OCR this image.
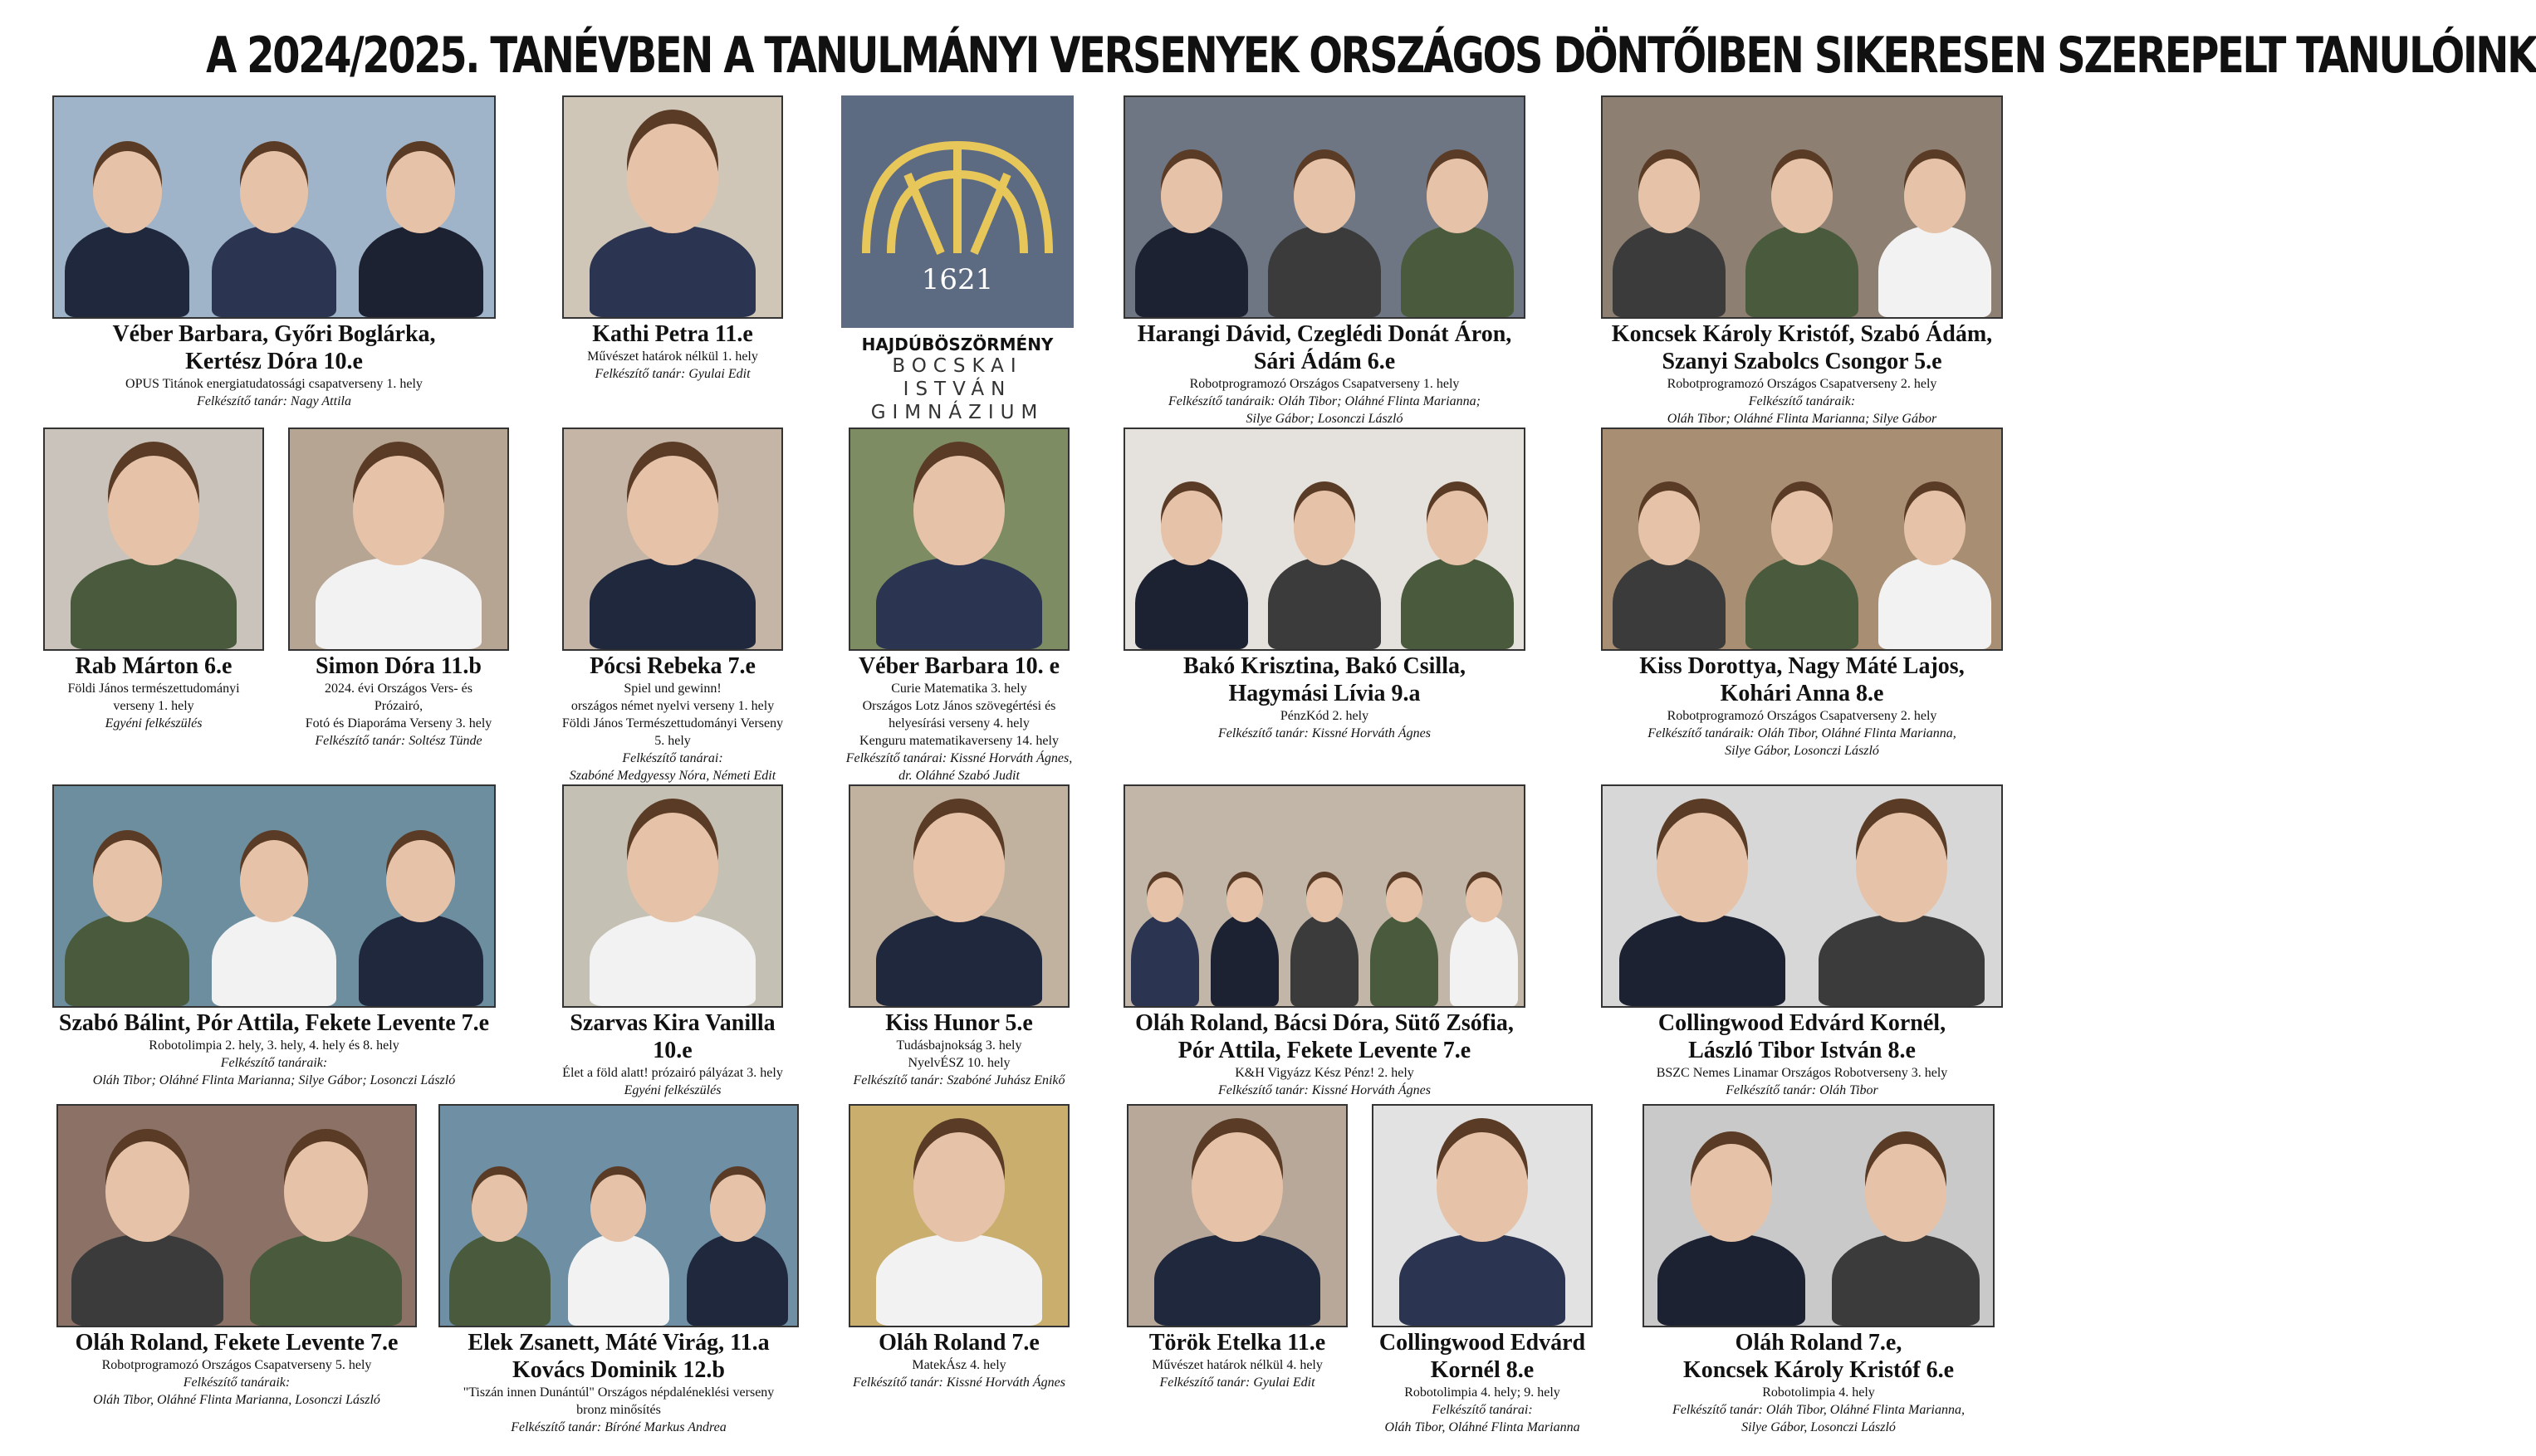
A 2024/2025. TANÉVBEN A TANULMÁNYI VERSENYEK ORSZÁGOS DÖNTŐIBEN SIKERESEN SZEREPELT TANULÓINK
1621
HAJDÚBÖSZÖRMÉNY
BOCSKAI
ISTVÁN
GIMNÁZIUM
Véber Barbara, Győri Boglárka,
Kertész Dóra 10.e
OPUS Titánok energiatudatossági csapatverseny 1. hely
Felkészítő tanár: Nagy Attila
Kathi Petra 11.e
Művészet határok nélkül 1. hely
Felkészítő tanár: Gyulai Edit
Harangi Dávid, Czeglédi Donát Áron,
Sári Ádám 6.e
Robotprogramozó Országos Csapatverseny 1. hely
Felkészítő tanáraik: Oláh Tibor; Oláhné Flinta Marianna;
Silye Gábor; Losonczi László
Koncsek Károly Kristóf, Szabó Ádám,
Szanyi Szabolcs Csongor 5.e
Robotprogramozó Országos Csapatverseny 2. hely
Felkészítő tanáraik:
Oláh Tibor; Oláhné Flinta Marianna; Silye Gábor
Rab Márton 6.e
Földi János természettudományi
verseny 1. hely
Egyéni felkészülés
Simon Dóra 11.b
2024. évi Országos Vers- és
Prózairó,
Fotó és Diaporáma Verseny 3. hely
Felkészítő tanár: Soltész Tünde
Pócsi Rebeka 7.e
Spiel und gewinn!
országos német nyelvi verseny 1. hely
Földi János Természettudományi Verseny
5. hely
Felkészítő tanárai:
Szabóné Medgyessy Nóra, Németi Edit
Véber Barbara 10. e
Curie Matematika 3. hely
Országos Lotz János szövegértési és
helyesírási verseny 4. hely
Kenguru matematikaverseny 14. hely
Felkészítő tanárai: Kissné Horváth Ágnes,
dr. Oláhné Szabó Judit
Bakó Krisztina, Bakó Csilla,
Hagymási Lívia 9.a
PénzKód 2. hely
Felkészítő tanár: Kissné Horváth Ágnes
Kiss Dorottya, Nagy Máté Lajos,
Kohári Anna 8.e
Robotprogramozó Országos Csapatverseny 2. hely
Felkészítő tanáraik: Oláh Tibor, Oláhné Flinta Marianna,
Silye Gábor, Losonczi László
Szabó Bálint, Pór Attila, Fekete Levente 7.e
Robotolimpia 2. hely, 3. hely, 4. hely és 8. hely
Felkészítő tanáraik:
Oláh Tibor; Oláhné Flinta Marianna; Silye Gábor; Losonczi László
Szarvas Kira Vanilla 10.e
Élet a föld alatt! prózairó pályázat 3. hely
Egyéni felkészülés
Kiss Hunor 5.e
Tudásbajnokság 3. hely
NyelvÉSZ 10. hely
Felkészítő tanár: Szabóné Juhász Enikő
Oláh Roland, Bácsi Dóra, Sütő Zsófia,
Pór Attila, Fekete Levente 7.e
K&H Vigyázz Kész Pénz! 2. hely
Felkészítő tanár: Kissné Horváth Ágnes
Collingwood Edvárd Kornél,
László Tibor István 8.e
BSZC Nemes Linamar Országos Robotverseny 3. hely
Felkészítő tanár: Oláh Tibor
Oláh Roland, Fekete Levente 7.e
Robotprogramozó Országos Csapatverseny 5. hely
Felkészítő tanáraik:
Oláh Tibor, Oláhné Flinta Marianna, Losonczi László
Elek Zsanett, Máté Virág, 11.a
Kovács Dominik 12.b
"Tiszán innen Dunántúl" Országos népdaléneklési verseny
bronz minősítés
Felkészítő tanár: Bíróné Markus Andrea
Oláh Roland 7.e
MatekÁsz 4. hely
Felkészítő tanár: Kissné Horváth Ágnes
Török Etelka 11.e
Művészet határok nélkül 4. hely
Felkészítő tanár: Gyulai Edit
Collingwood Edvárd
Kornél 8.e
Robotolimpia 4. hely; 9. hely
Felkészítő tanárai:
Oláh Tibor, Oláhné Flinta Marianna
Oláh Roland 7.e,
Koncsek Károly Kristóf 6.e
Robotolimpia 4. hely
Felkészítő tanár: Oláh Tibor, Oláhné Flinta Marianna,
Silye Gábor, Losonczi László
